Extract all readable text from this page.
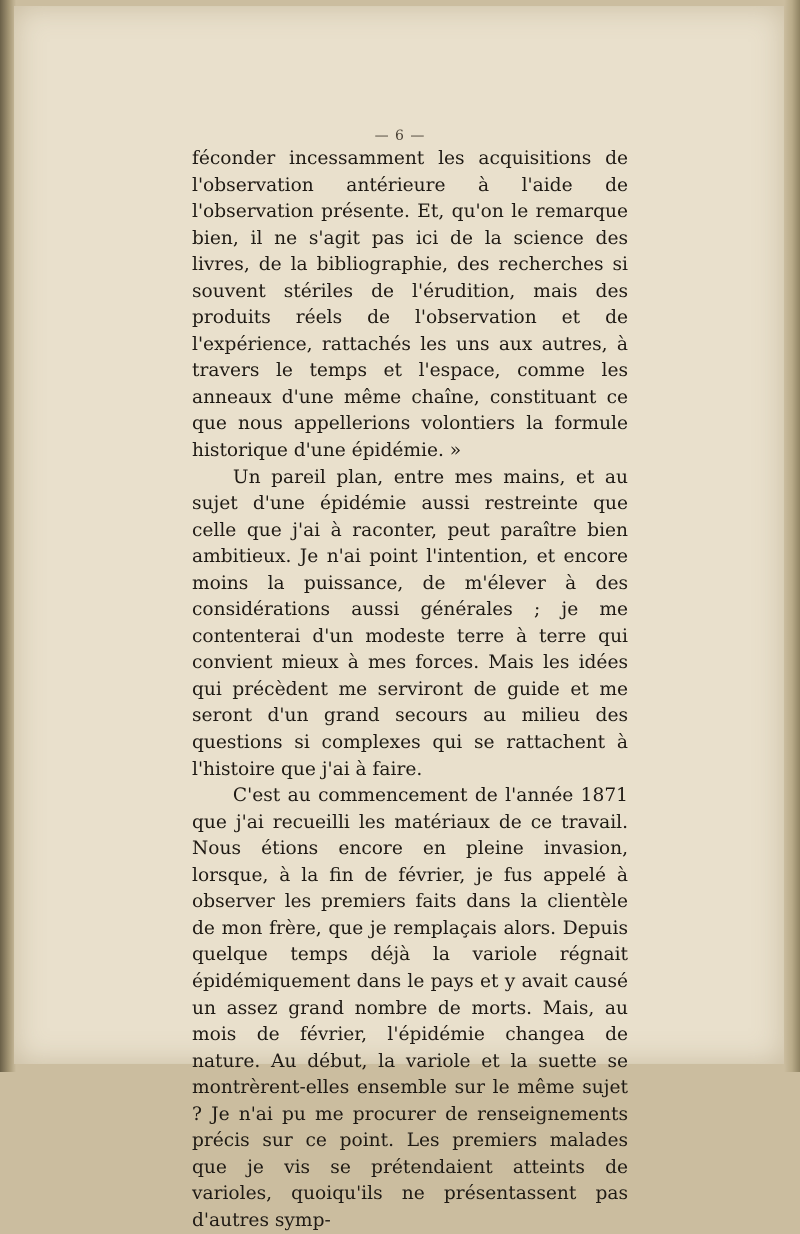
— 6 —

féconder incessamment les acquisitions de l'observation antérieure à l'aide de l'observation présente. Et, qu'on le remarque bien, il ne s'agit pas ici de la science des livres, de la bibliographie, des recherches si souvent stériles de l'érudition, mais des produits réels de l'observation et de l'expérience, rattachés les uns aux autres, à travers le temps et l'espace, comme les anneaux d'une même chaîne, constituant ce que nous appellerions volontiers la formule historique d'une épidémie. »

Un pareil plan, entre mes mains, et au sujet d'une épidémie aussi restreinte que celle que j'ai à raconter, peut paraître bien ambitieux. Je n'ai point l'intention, et encore moins la puissance, de m'élever à des considérations aussi générales ; je me contenterai d'un modeste terre à terre qui convient mieux à mes forces. Mais les idées qui précèdent me serviront de guide et me seront d'un grand secours au milieu des questions si complexes qui se rattachent à l'histoire que j'ai à faire.

C'est au commencement de l'année 1871 que j'ai recueilli les matériaux de ce travail. Nous étions encore en pleine invasion, lorsque, à la fin de février, je fus appelé à observer les premiers faits dans la clientèle de mon frère, que je remplaçais alors. Depuis quelque temps déjà la variole régnait épidémiquement dans le pays et y avait causé un assez grand nombre de morts. Mais, au mois de février, l'épidémie changea de nature. Au début, la variole et la suette se montrèrent-elles ensemble sur le même sujet ? Je n'ai pu me procurer de renseignements précis sur ce point. Les premiers malades que je vis se prétendaient atteints de varioles, quoiqu'ils ne présentassent pas d'autres symp-
